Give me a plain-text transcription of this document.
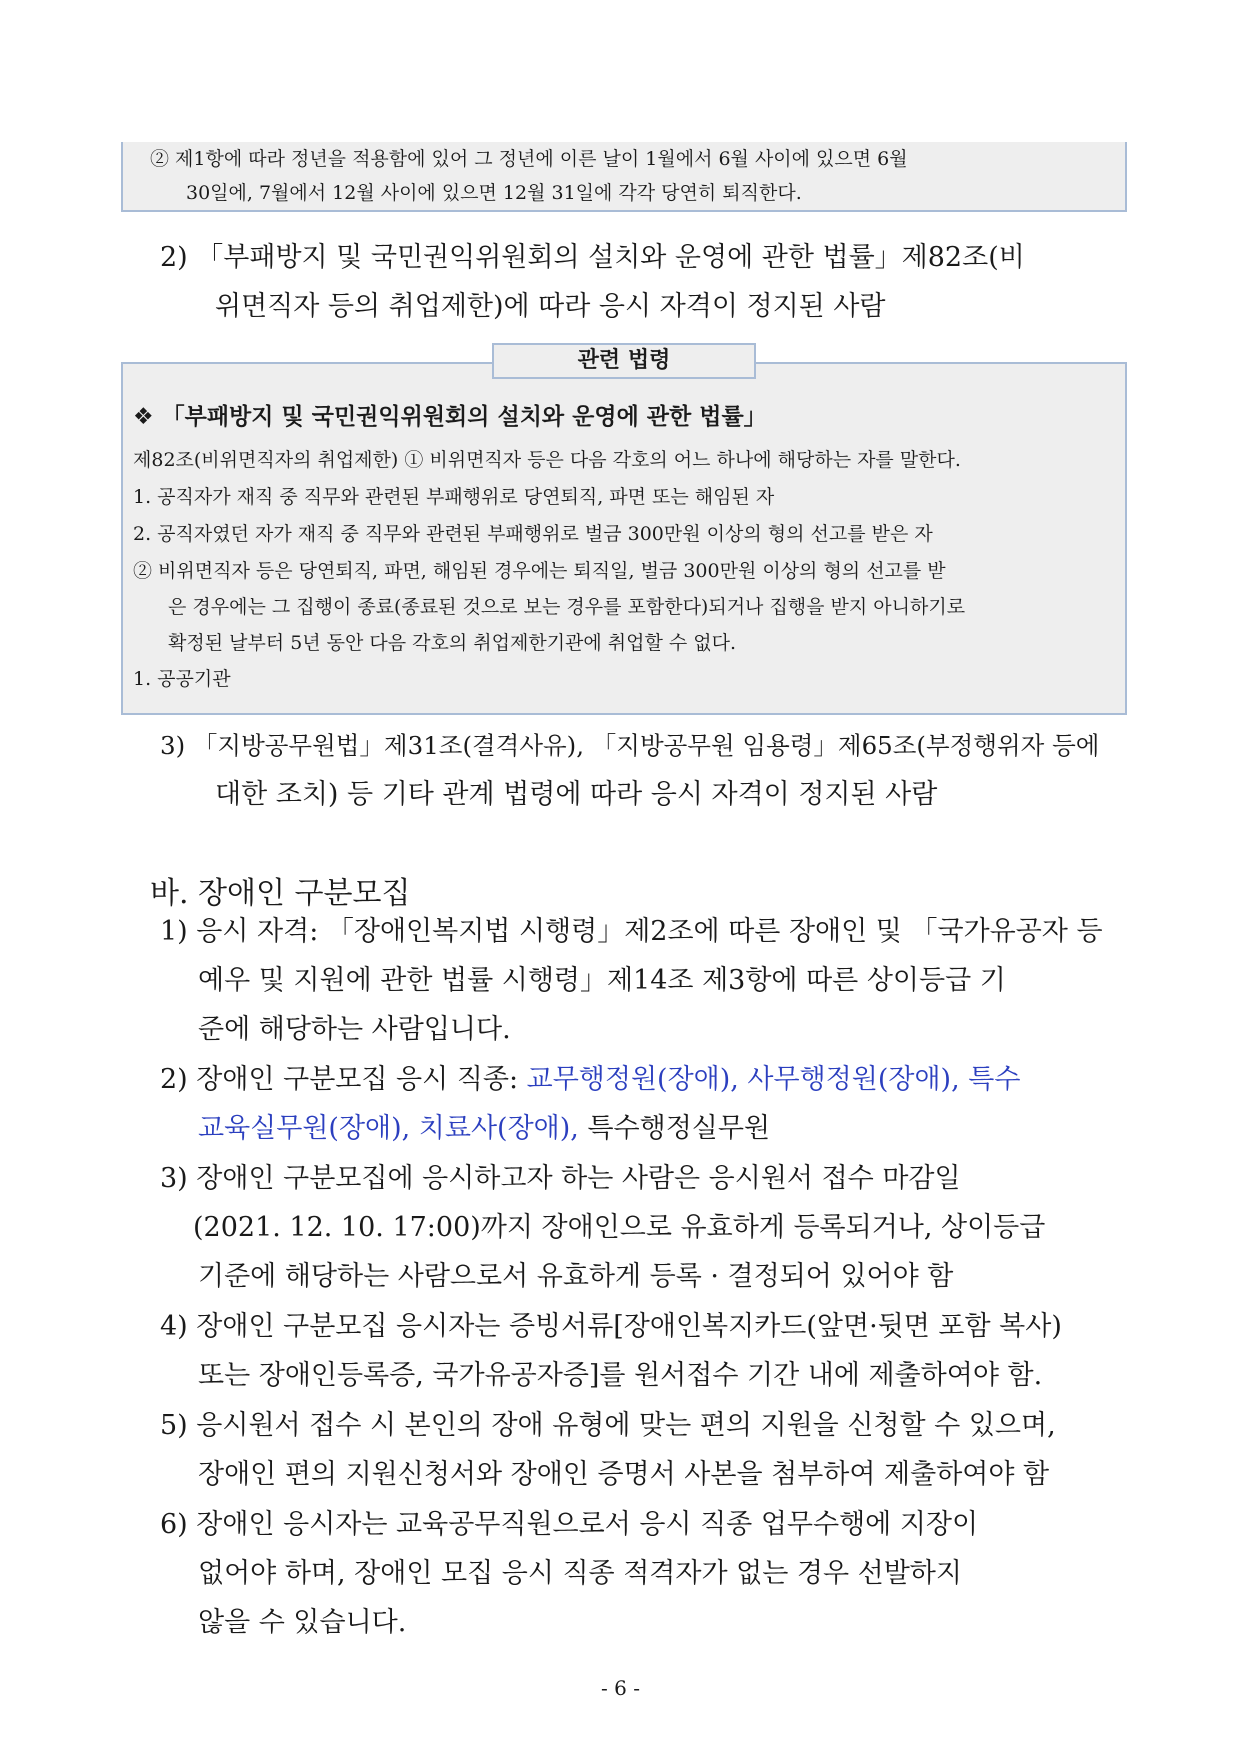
② 제1항에 따라 정년을 적용함에 있어 그 정년에 이른 날이 1월에서 6월 사이에 있으면 6월
30일에, 7월에서 12월 사이에 있으면 12월 31일에 각각 당연히 퇴직한다.
2) 「부패방지 및 국민권익위원회의 설치와 운영에 관한 법률」제82조(비
위면직자 등의 취업제한)에 따라 응시 자격이 정지된 사람
관련 법령
❖ 「부패방지 및 국민권익위원회의 설치와 운영에 관한 법률」
제82조(비위면직자의 취업제한) ① 비위면직자 등은 다음 각호의 어느 하나에 해당하는 자를 말한다.
1. 공직자가 재직 중 직무와 관련된 부패행위로 당연퇴직, 파면 또는 해임된 자
2. 공직자였던 자가 재직 중 직무와 관련된 부패행위로 벌금 300만원 이상의 형의 선고를 받은 자
② 비위면직자 등은 당연퇴직, 파면, 해임된 경우에는 퇴직일, 벌금 300만원 이상의 형의 선고를 받
은 경우에는 그 집행이 종료(종료된 것으로 보는 경우를 포함한다)되거나 집행을 받지 아니하기로
확정된 날부터 5년 동안 다음 각호의 취업제한기관에 취업할 수 없다.
1. 공공기관
3) 「지방공무원법」제31조(결격사유), 「지방공무원 임용령」제65조(부정행위자 등에
대한 조치) 등 기타 관계 법령에 따라 응시 자격이 정지된 사람
바. 장애인 구분모집
1) 응시 자격: 「장애인복지법 시행령」제2조에 따른 장애인 및 「국가유공자 등
예우 및 지원에 관한 법률 시행령」제14조 제3항에 따른 상이등급 기
준에 해당하는 사람입니다.
2) 장애인 구분모집 응시 직종: 교무행정원(장애), 사무행정원(장애), 특수
교육실무원(장애), 치료사(장애), 특수행정실무원
3) 장애인 구분모집에 응시하고자 하는 사람은 응시원서 접수 마감일
(2021. 12. 10. 17:00)까지 장애인으로 유효하게 등록되거나, 상이등급
기준에 해당하는 사람으로서 유효하게 등록 · 결정되어 있어야 함
4) 장애인 구분모집 응시자는 증빙서류[장애인복지카드(앞면·뒷면 포함 복사)
또는 장애인등록증, 국가유공자증]를 원서접수 기간 내에 제출하여야 함.
5) 응시원서 접수 시 본인의 장애 유형에 맞는 편의 지원을 신청할 수 있으며,
장애인 편의 지원신청서와 장애인 증명서 사본을 첨부하여 제출하여야 함
6) 장애인 응시자는 교육공무직원으로서 응시 직종 업무수행에 지장이
없어야 하며, 장애인 모집 응시 직종 적격자가 없는 경우 선발하지
않을 수 있습니다.
- 6 -
